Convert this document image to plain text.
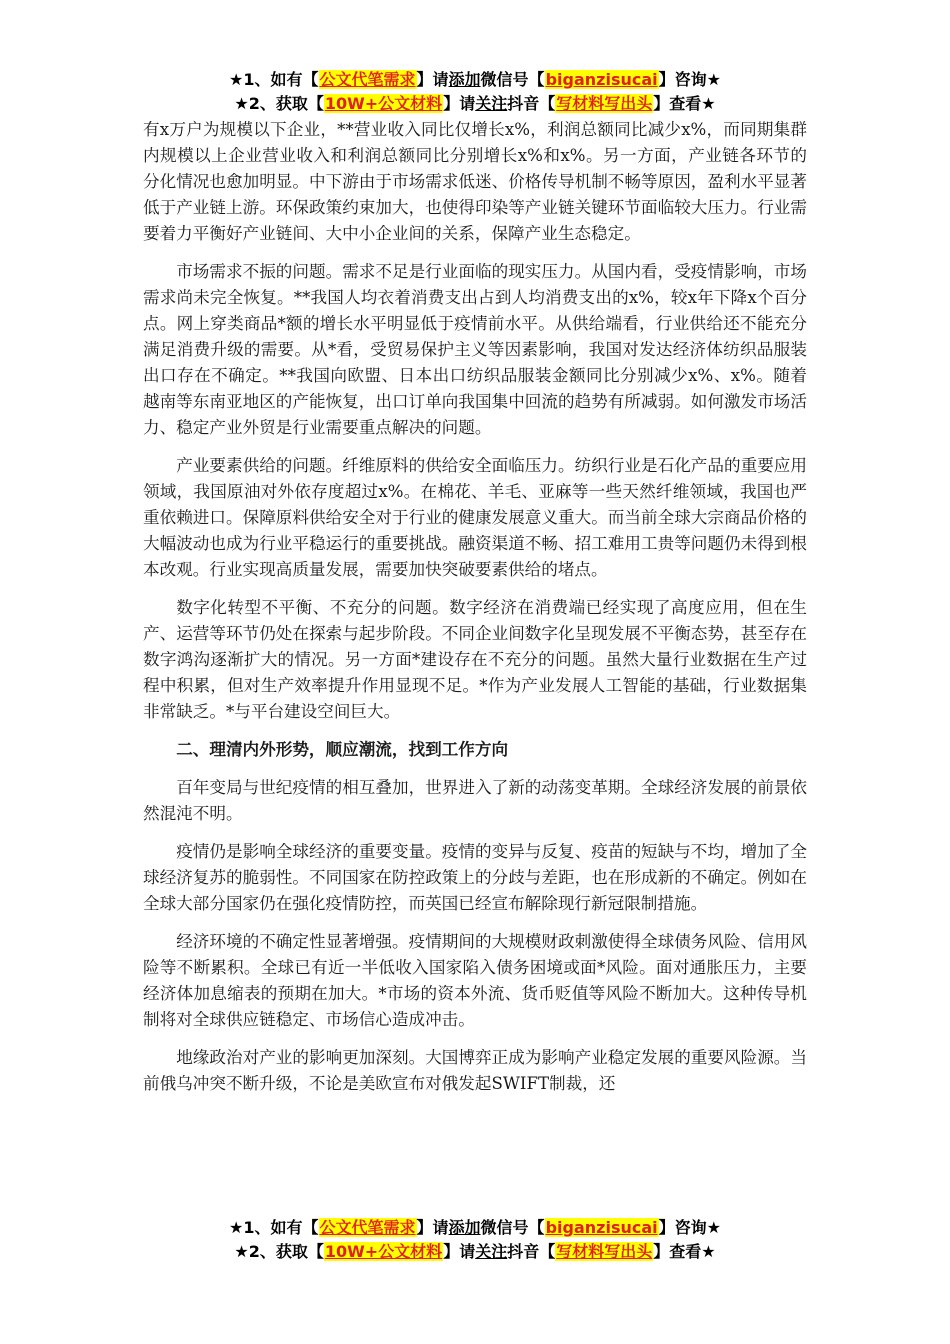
★1、如有【公文代笔需求】请添加微信号【biganzisucai】咨询★
★2、获取【10W+公文材料】请关注抖音【写材料写出头】查看★

有x万户为规模以下企业，**营业收入同比仅增长x%，利润总额同比减少x%，而同期集群内规模以上企业营业收入和利润总额同比分别增长x%和x%。另一方面，产业链各环节的分化情况也愈加明显。中下游由于市场需求低迷、价格传导机制不畅等原因，盈利水平显著低于产业链上游。环保政策约束加大，也使得印染等产业链关键环节面临较大压力。行业需要着力平衡好产业链间、大中小企业间的关系，保障产业生态稳定。

市场需求不振的问题。需求不足是行业面临的现实压力。从国内看，受疫情影响，市场需求尚未完全恢复。**我国人均衣着消费支出占到人均消费支出的x%，较x年下降x个百分点。网上穿类商品*额的增长水平明显低于疫情前水平。从供给端看，行业供给还不能充分满足消费升级的需要。从*看，受贸易保护主义等因素影响，我国对发达经济体纺织品服装出口存在不确定。**我国向欧盟、日本出口纺织品服装金额同比分别减少x%、x%。随着越南等东南亚地区的产能恢复，出口订单向我国集中回流的趋势有所减弱。如何激发市场活力、稳定产业外贸是行业需要重点解决的问题。

产业要素供给的问题。纤维原料的供给安全面临压力。纺织行业是石化产品的重要应用领域，我国原油对外依存度超过x%。在棉花、羊毛、亚麻等一些天然纤维领域，我国也严重依赖进口。保障原料供给安全对于行业的健康发展意义重大。而当前全球大宗商品价格的大幅波动也成为行业平稳运行的重要挑战。融资渠道不畅、招工难用工贵等问题仍未得到根本改观。行业实现高质量发展，需要加快突破要素供给的堵点。

数字化转型不平衡、不充分的问题。数字经济在消费端已经实现了高度应用，但在生产、运营等环节仍处在探索与起步阶段。不同企业间数字化呈现发展不平衡态势，甚至存在数字鸿沟逐渐扩大的情况。另一方面*建设存在不充分的问题。虽然大量行业数据在生产过程中积累，但对生产效率提升作用显现不足。*作为产业发展人工智能的基础，行业数据集非常缺乏。*与平台建设空间巨大。

二、理清内外形势，顺应潮流，找到工作方向

百年变局与世纪疫情的相互叠加，世界进入了新的动荡变革期。全球经济发展的前景依然混沌不明。

疫情仍是影响全球经济的重要变量。疫情的变异与反复、疫苗的短缺与不均，增加了全球经济复苏的脆弱性。不同国家在防控政策上的分歧与差距，也在形成新的不确定。例如在全球大部分国家仍在强化疫情防控，而英国已经宣布解除现行新冠限制措施。

经济环境的不确定性显著增强。疫情期间的大规模财政刺激使得全球债务风险、信用风险等不断累积。全球已有近一半低收入国家陷入债务困境或面*风险。面对通胀压力，主要经济体加息缩表的预期在加大。*市场的资本外流、货币贬值等风险不断加大。这种传导机制将对全球供应链稳定、市场信心造成冲击。

地缘政治对产业的影响更加深刻。大国博弈正成为影响产业稳定发展的重要风险源。当前俄乌冲突不断升级，不论是美欧宣布对俄发起SWIFT制裁，还

★1、如有【公文代笔需求】请添加微信号【biganzisucai】咨询★
★2、获取【10W+公文材料】请关注抖音【写材料写出头】查看★
